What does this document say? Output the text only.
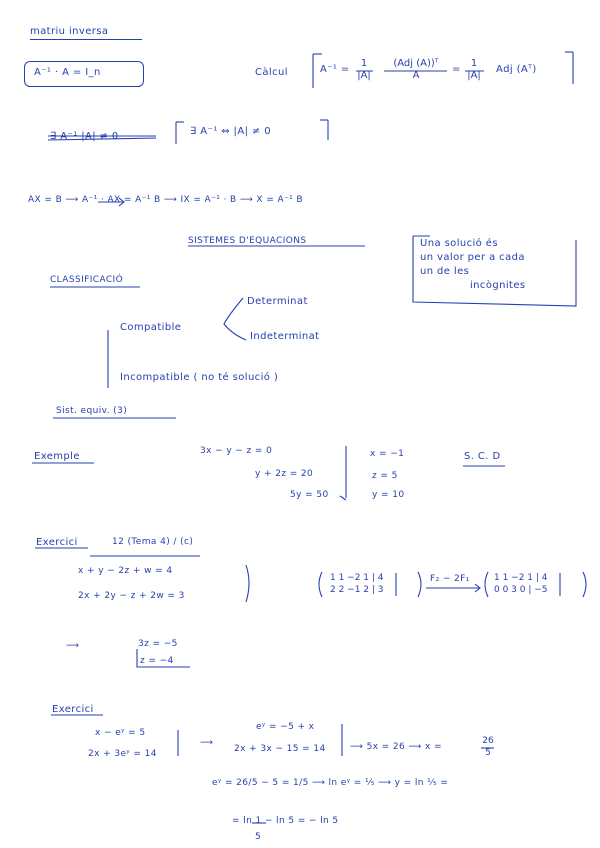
matriu inversa
A⁻¹ · A = I_n	Càlcul	A⁻¹ =
1
|A|
(Adj (A))ᵀ
A
=
1
|A|
Adj (Aᵀ)
∃ A⁻¹ |A| ≠ 0	∃ A⁻¹ ⇔ |A| ≠ 0
AX = B ⟶ A⁻¹ · AX = A⁻¹ B ⟶ IX = A⁻¹ · B ⟶ X = A⁻¹ B
SISTEMES D'EQUACIONS	Una solució és
un valor per a cada
un de les
incògnites
CLASSIFICACIÓ
Compatible
Determinat
Indeterminat
Incompatible ( no té solució )
Sist. equiv. (3)
Exemple	3x − y − z = 0
y + 2z = 20
5y = 50
x = −1
z = 5
y = 10
S. C. D
Exercici	12 (Tema 4) / (c)
x + y − 2z + w = 4
2x + 2y − z + 2w = 3
1 1 −2 1 | 4
2 2 −1 2 | 3
F₂ − 2F₁	1 1 −2 1 | 4
0 0 3 0 | −5
⟶	3z = −5
z = −4
Exercici
x − eʸ = 5
2x + 3eʸ = 14
⟶
eʸ = −5 + x
2x + 3x − 15 = 14	⟶ 5x = 26 ⟶ x =
26
5
eʸ = 26/5 − 5 = 1/5 ⟶ ln eʸ = ¹⁄₅ ⟶ y = ln ¹⁄₅ =
= ln 1 − ln 5 = − ln 5
5
